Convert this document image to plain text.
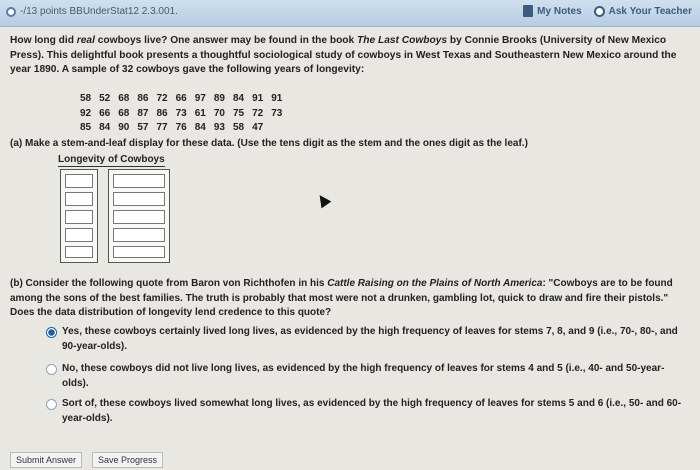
-/13 points BBUnderStat12 2.3.001.	My Notes	Ask Your Teacher
How long did real cowboys live? One answer may be found in the book The Last Cowboys by Connie Brooks (University of New Mexico Press). This delightful book presents a thoughtful sociological study of cowboys in West Texas and Southeastern New Mexico around the year 1890. A sample of 32 cowboys gave the following years of longevity:
58	52	68	86	72	66	97	89	84	91	91
92	66	68	87	86	73	61	70	75	72	73
85	84	90	57	77	76	84	93	58	47	
(a) Make a stem-and-leaf display for these data. (Use the tens digit as the stem and the ones digit as the leaf.)
Longevity of Cowboys
(b) Consider the following quote from Baron von Richthofen in his Cattle Raising on the Plains of North America: "Cowboys are to be found among the sons of the best families. The truth is probably that most were not a drunken, gambling lot, quick to draw and fire their pistols." Does the data distribution of longevity lend credence to this quote?
Yes, these cowboys certainly lived long lives, as evidenced by the high frequency of leaves for stems 7, 8, and 9 (i.e., 70-, 80-, and 90-year-olds).
No, these cowboys did not live long lives, as evidenced by the high frequency of leaves for stems 4 and 5 (i.e., 40- and 50-year-olds).
Sort of, these cowboys lived somewhat long lives, as evidenced by the high frequency of leaves for stems 5 and 6 (i.e., 50- and 60-year-olds).
Submit Answer	Save Progress
